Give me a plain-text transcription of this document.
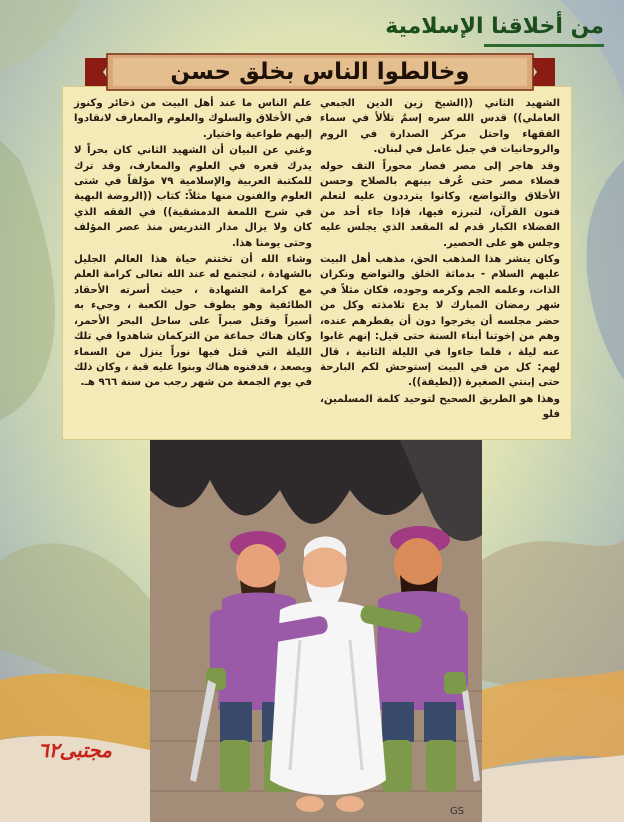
من أخلاقنا الإسلامية
وخالطوا الناس بخلق حسن

الشهيد الثاني ((الشيخ زين الدين الجبعي العاملي)) قدس الله سره إسمٌ تلألأ في سماء الفقهاء واحتل مركز الصدارة في الروم والروحانيات في جبل عامل في لبنان.

وقد هاجر إلى مصر فصار محوراً التف حوله فضلاء مصر حتى عُرف بينهم بالصلاح وحسن الأخلاق والتواضع، وكانوا يترددون عليه لتعلم فنون القرآن، لتبرزه فيها، فإذا جاء أحد من الفضلاء الكبار قدم له المقعد الذي يجلس عليه وجلس هو على الحصير.

وكان ينشر هذا المذهب الحق، مذهب أهل البيت عليهم السلام - بدماثة الخلق والتواضع ونكران الذات، وعلمه الجم وكرمه وجوده، فكان مثلاً في شهر رمضان المبارك لا يدع تلامذته وكل من حضر مجلسه أن يخرجوا دون أن يفطرهم عنده، وهم من إخوتنا أبناء السنة حتى قيل: إنهم غابوا عنه ليلة ، فلما جاءوا في الليلة الثانية ، قال لهم: كل من في البيت إستوحش لكم البارحة حتى إبنتي الصغيرة ((لطيفة)).

وهذا هو الطريق الصحيح لتوحيد كلمة المسلمين، فلو

علم الناس ما عند أهل البيت من ذخائر وكنوز في الأخلاق والسلوك والعلوم والمعارف لانقادوا إليهم طواعية واختيار.

وغني عن البيان أن الشهيد الثاني كان بحراً لا يدرك قعره في العلوم والمعارف، وقد ترك للمكتبة العربية والإسلامية ٧٩ مؤلفاً في شتى العلوم والفنون منها مثلاً: كتاب ((الروضة البهية في شرح اللمعة الدمشقية)) في الفقه الذي كان ولا يزال مدار التدريس منذ عصر المؤلف وحتى يومنا هذا.

وشاء الله أن تختتم حياة هذا العالم الجليل بالشهادة ، لتجتمع له عند الله تعالى كرامة العلم مع كرامة الشهادة ، حيث أسرته الأحقاد الطائفية وهو يطوف حول الكعبة ، وجيء به أسيراً وقتل صبراً على ساحل البحر الأحمر، وكان هناك جماعة من التركمان شاهدوا في تلك الليلة التي قتل فيها نوراً ينزل من السماء ويصعد ، فدفنوه هناك وبنوا عليه قبة ، وكان ذلك في يوم الجمعة من شهر رجب من سنة ٩٦٦ هـ.

GS
مجتبى٦٢
